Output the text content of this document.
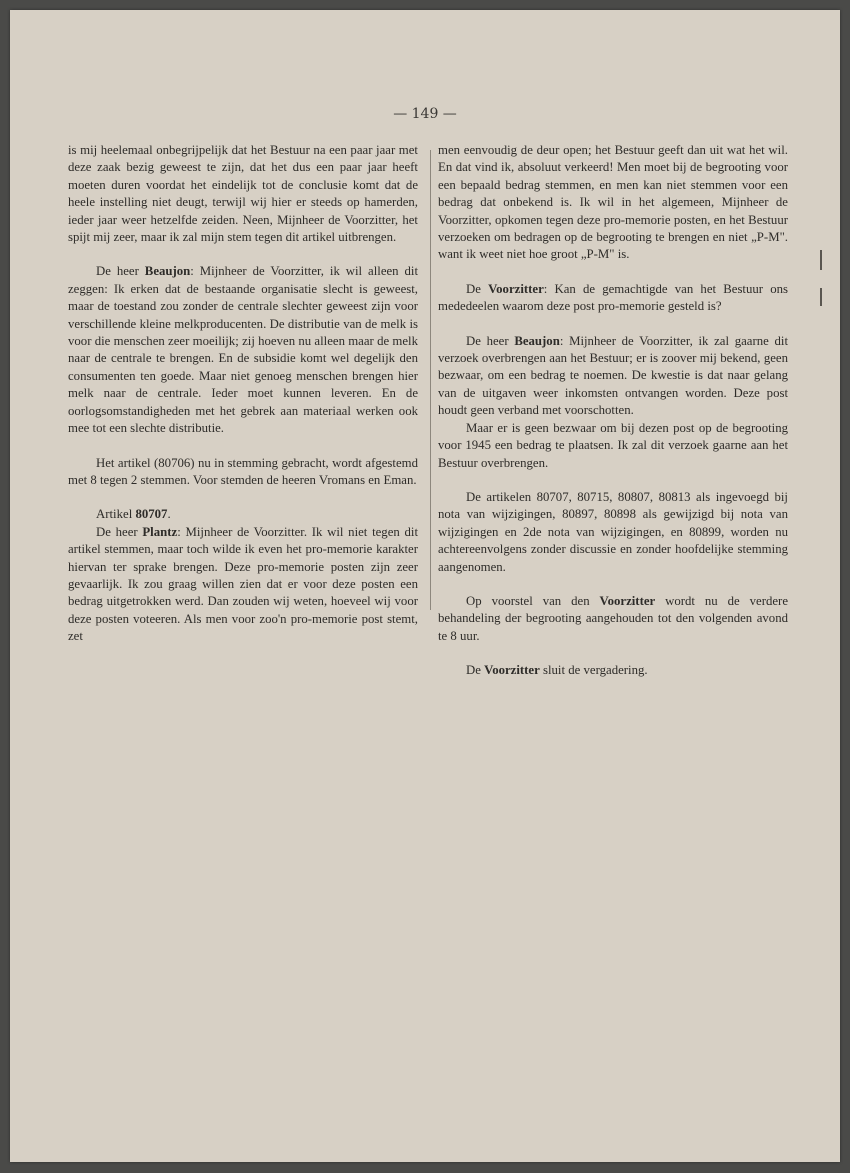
— 149 —

is mij heelemaal onbegrijpelijk dat het Bestuur na een paar jaar met deze zaak bezig geweest te zijn, dat het dus een paar jaar heeft moeten duren voordat het eindelijk tot de conclusie komt dat de heele instelling niet deugt, terwijl wij hier er steeds op hamerden, ieder jaar weer hetzelfde zeiden. Neen, Mijnheer de Voorzitter, het spijt mij zeer, maar ik zal mijn stem tegen dit artikel uitbrengen.

De heer Beaujon: Mijnheer de Voorzitter, ik wil alleen dit zeggen: Ik erken dat de bestaande organisatie slecht is geweest, maar de toestand zou zonder de centrale slechter geweest zijn voor verschillende kleine melkproducenten. De distributie van de melk is voor die menschen zeer moeilijk; zij hoeven nu alleen maar de melk naar de centrale te brengen. En de subsidie komt wel degelijk den consumenten ten goede. Maar niet genoeg menschen brengen hier melk naar de centrale. Ieder moet kunnen leveren. En de oorlogsomstandigheden met het gebrek aan materiaal werken ook mee tot een slechte distributie.

Het artikel (80706) nu in stemming gebracht, wordt afgestemd met 8 tegen 2 stemmen. Voor stemden de heeren Vromans en Eman.

Artikel 80707.

De heer Plantz: Mijnheer de Voorzitter. Ik wil niet tegen dit artikel stemmen, maar toch wilde ik even het pro-memorie karakter hiervan ter sprake brengen. Deze pro-memorie posten zijn zeer gevaarlijk. Ik zou graag willen zien dat er voor deze posten een bedrag uitgetrokken werd. Dan zouden wij weten, hoeveel wij voor deze posten voteeren. Als men voor zoo'n pro-memorie post stemt, zet

men eenvoudig de deur open; het Bestuur geeft dan uit wat het wil. En dat vind ik, absoluut verkeerd! Men moet bij de begrooting voor een bepaald bedrag stemmen, en men kan niet stemmen voor een bedrag dat onbekend is. Ik wil in het algemeen, Mijnheer de Voorzitter, opkomen tegen deze pro-memorie posten, en het Bestuur verzoeken om bedragen op de begrooting te brengen en niet „P-M". want ik weet niet hoe groot „P-M" is.

De Voorzitter: Kan de gemachtigde van het Bestuur ons mededeelen waarom deze post pro-memorie gesteld is?

De heer Beaujon: Mijnheer de Voorzitter, ik zal gaarne dit verzoek overbrengen aan het Bestuur; er is zoover mij bekend, geen bezwaar, om een bedrag te noemen. De kwestie is dat naar gelang van de uitgaven weer inkomsten ontvangen worden. Deze post houdt geen verband met voorschotten.

Maar er is geen bezwaar om bij dezen post op de begrooting voor 1945 een bedrag te plaatsen. Ik zal dit verzoek gaarne aan het Bestuur overbrengen.

De artikelen 80707, 80715, 80807, 80813 als ingevoegd bij nota van wijzigingen, 80897, 80898 als gewijzigd bij nota van wijzigingen en 2de nota van wijzigingen, en 80899, worden nu achtereenvolgens zonder discussie en zonder hoofdelijke stemming aangenomen.

Op voorstel van den Voorzitter wordt nu de verdere behandeling der begrooting aangehouden tot den volgenden avond te 8 uur.

De Voorzitter sluit de vergadering.
